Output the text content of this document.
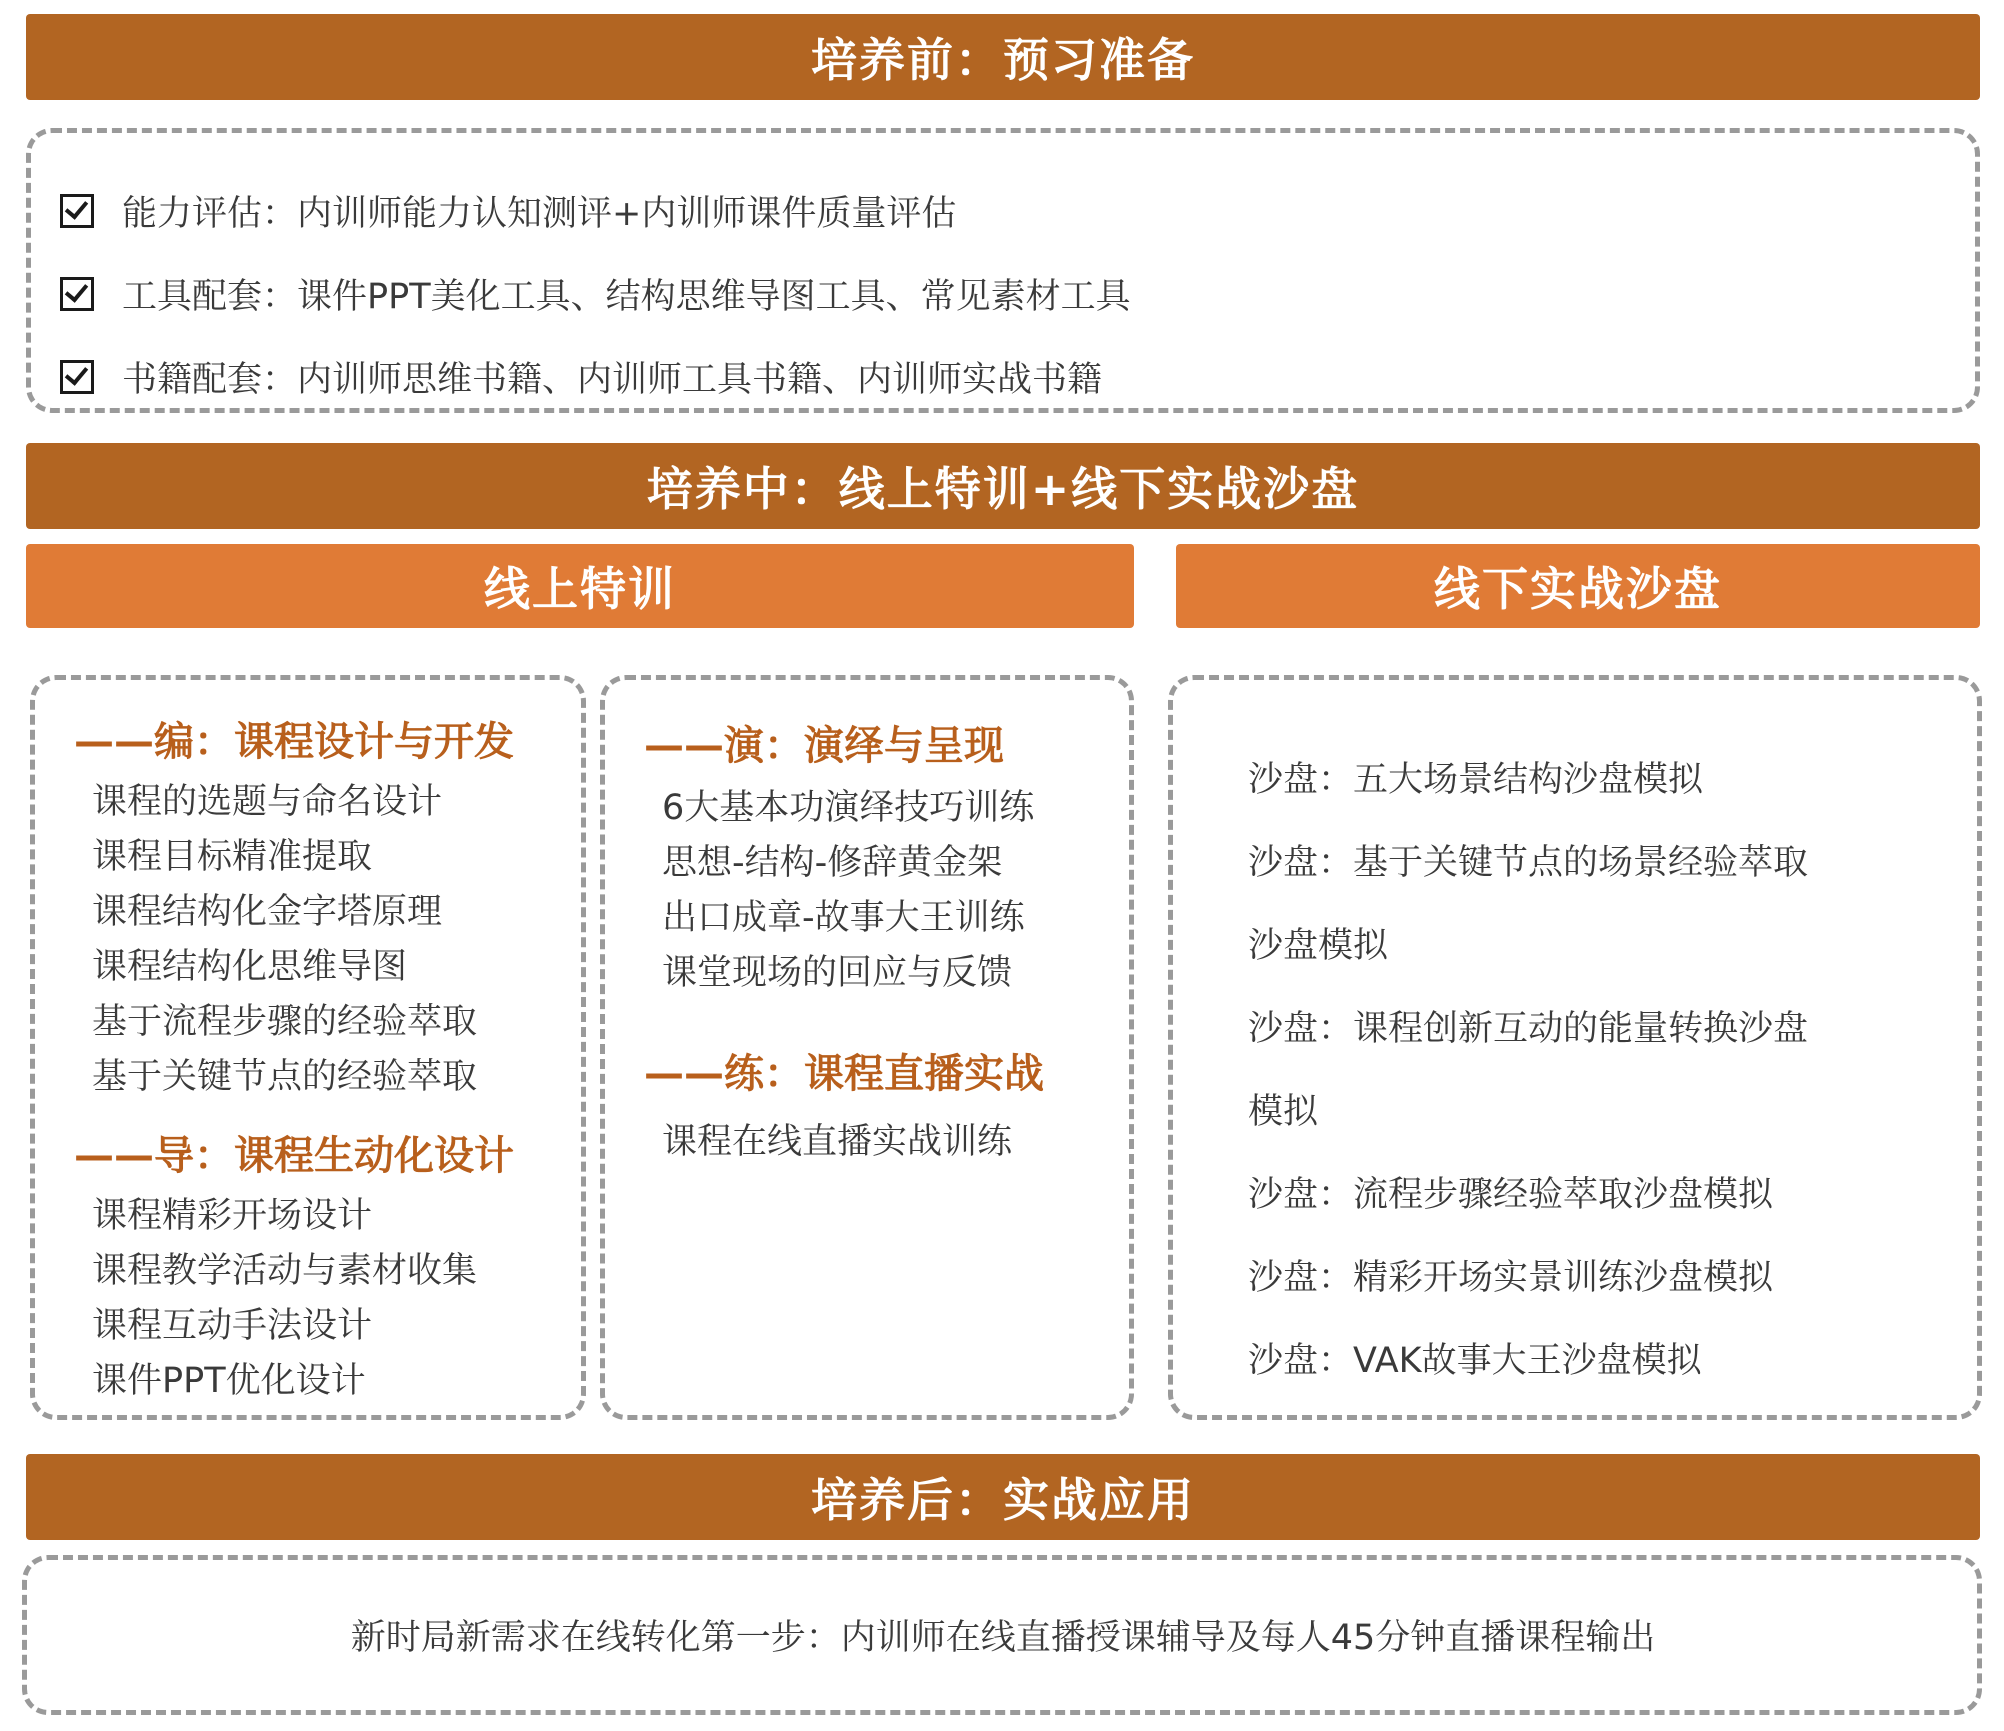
培养前：预习准备
能力评估：内训师能力认知测评+内训师课件质量评估
工具配套：课件PPT美化工具、结构思维导图工具、常见素材工具
书籍配套：内训师思维书籍、内训师工具书籍、内训师实战书籍
培养中：线上特训+线下实战沙盘
线上特训	线下实战沙盘
——编：课程设计与开发
课程的选题与命名设计
课程目标精准提取
课程结构化金字塔原理
课程结构化思维导图
基于流程步骤的经验萃取
基于关键节点的经验萃取
——导：课程生动化设计
课程精彩开场设计
课程教学活动与素材收集
课程互动手法设计
课件PPT优化设计
——演：演绎与呈现
6大基本功演绎技巧训练
思想-结构-修辞黄金架
出口成章-故事大王训练
课堂现场的回应与反馈
——练：课程直播实战
课程在线直播实战训练
沙盘：五大场景结构沙盘模拟
沙盘：基于关键节点的场景经验萃取
沙盘模拟
沙盘：课程创新互动的能量转换沙盘
模拟
沙盘：流程步骤经验萃取沙盘模拟
沙盘：精彩开场实景训练沙盘模拟
沙盘：VAK故事大王沙盘模拟
培养后：实战应用
新时局新需求在线转化第一步：内训师在线直播授课辅导及每人45分钟直播课程输出
